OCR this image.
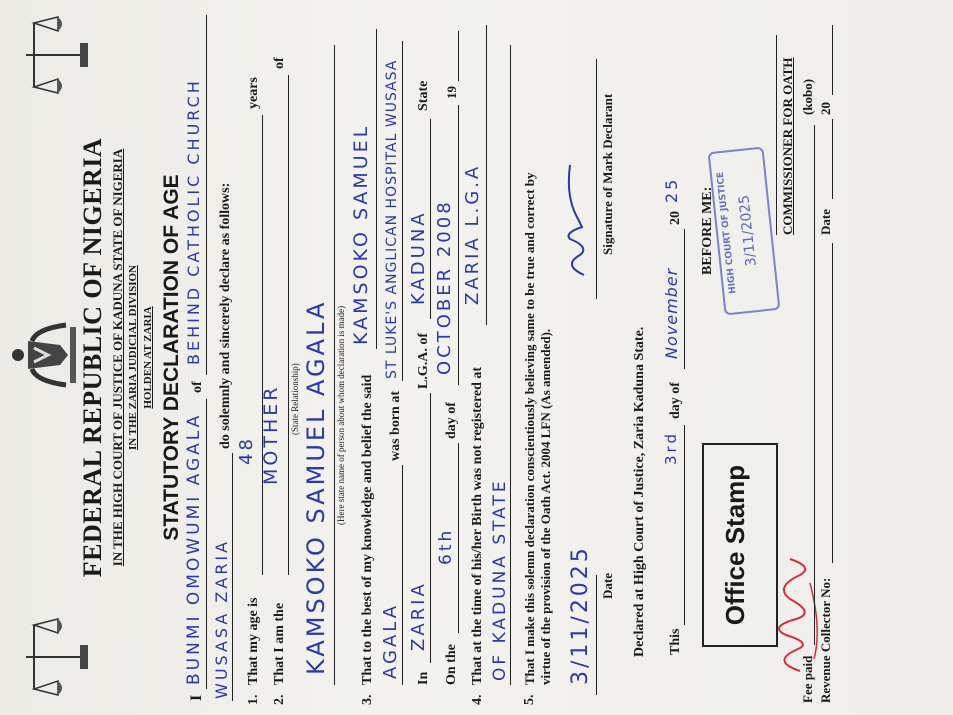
FEDERAL REPUBLIC OF NIGERIA IN THE HIGH COURT OF JUSTICE OF KADUNA STATE OF NIGERIA IN THE ZARIA JUDICIAL DIVISION HOLDEN AT ZARIA STATUTORY DECLARATION OF AGE
I
BUNMI OMOWUMI AGALA
of
BEHIND CATHOLIC CHURCH
WUSASA ZARIA
do solemnly and sincerely declare as follows:
1.
That my age is
48
years
2.
That I am the
MOTHER
of
(State Relationship) KAMSOKO SAMUEL AGALA (Here state name of person about whom declaration is made)
3.
That to the best of my knowledge and belief the said
KAMSOKO SAMUEL
AGALA
was born at
ST LUKE'S ANGLICAN HOSPITAL WUSASA
In
ZARIA
L.G.A. of
KADUNA
State
On the
6th
day of
OCTOBER 2008
19
4.
That at the time of his/her Birth was not registered at
ZARIA L.G.A
OF KADUNA STATE
5.
That I make this solemn declaration conscientiously believing same to be true and correct by virtue of the provision of the Oath Act. 2004 LFN (As amended). 3/11/2025 Date
Signature of Mark Declarant
Declared at High Court of Justice, Zaria Kaduna State. This
3rd
day of
November
20
25
Office Stamp
BEFORE ME: HIGH COURT OF JUSTICE
3/11/2025	COMMISSIONER FOR OATH
Fee paid
(kobo)
Revenue Collector No:
Date
20
